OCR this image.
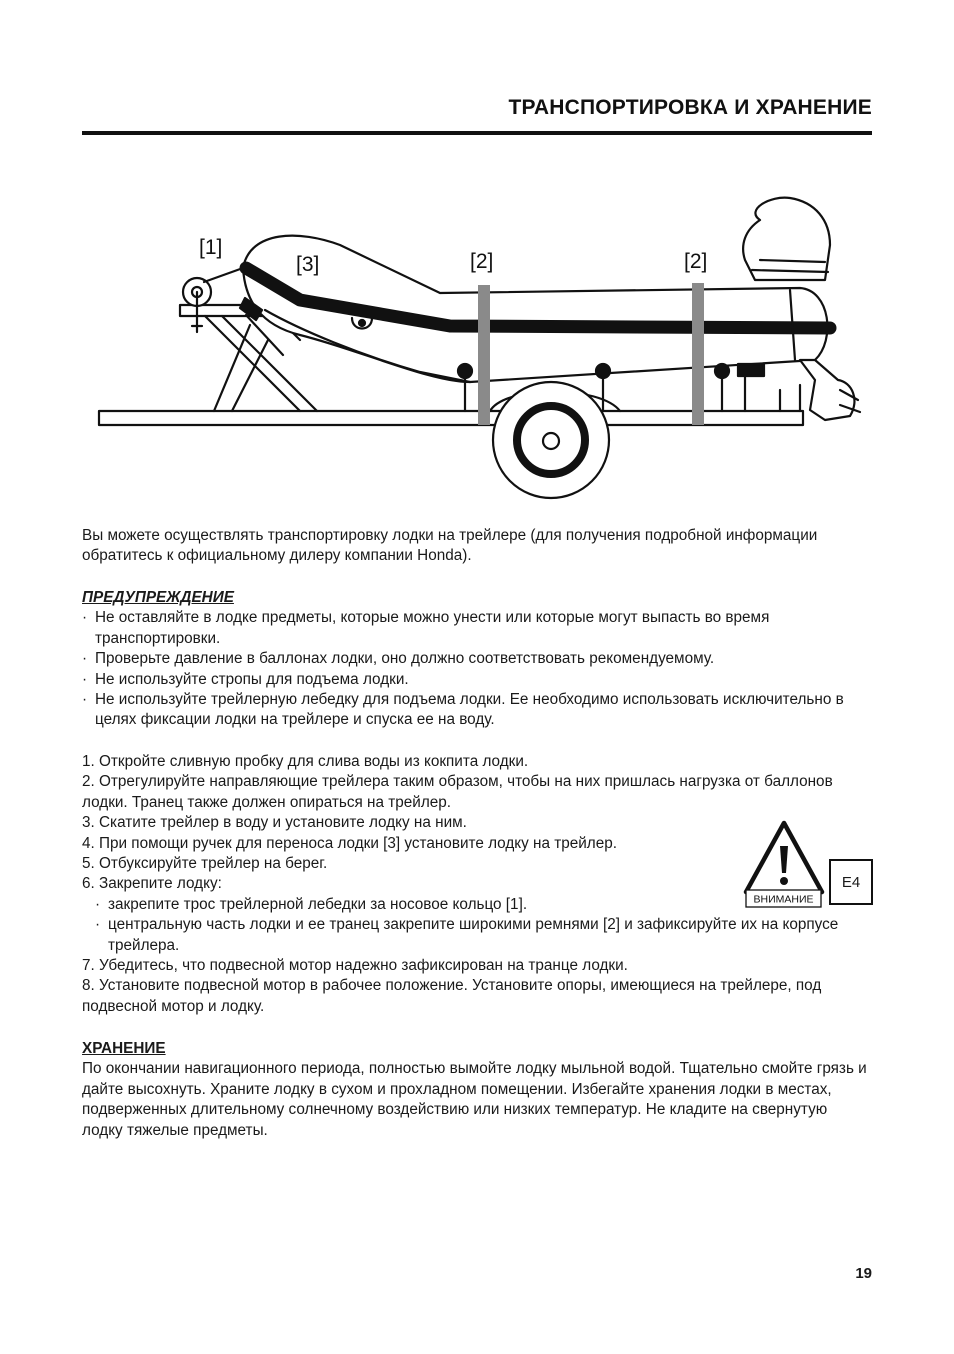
ТРАНСПОРТИРОВКА И ХРАНЕНИЕ
[1]
[3]	[2]	[2]

Вы можете осуществлять транспортировку лодки на трейлере (для получения подробной информации обратитесь к официальному дилеру компании Honda).

ПРЕДУПРЕЖДЕНИЕ

· Не оставляйте в лодке предметы, которые можно унести или которые могут выпасть во время транспортировки.
· Проверьте давление в баллонах лодки, оно должно соответствовать рекомендуемому.
· Не используйте стропы для подъема лодки.
· Не используйте трейлерную лебедку для подъема лодки. Ее необходимо использовать исключительно в целях фиксации лодки на трейлере и спуска ее на воду.

1. Откройте сливную пробку для слива воды из кокпита лодки.

2. Отрегулируйте направляющие трейлера таким образом, чтобы на них пришлась нагрузка от баллонов лодки. Транец также должен опираться на трейлер.

3. Скатите трейлер в воду и установите лодку на ним.

4. При помощи ручек для переноса лодки [3] установите лодку на трейлер.

5. Отбуксируйте трейлер на берег.

6. Закрепите лодку:

· закрепите трос трейлерной лебедки за носовое кольцо [1].
· центральную часть лодки и ее транец закрепите широкими ремнями [2] и зафиксируйте их на корпусе трейлера.

7. Убедитесь, что подвесной мотор надежно зафиксирован на транце лодки.

8. Установите подвесной мотор в рабочее положение. Установите опоры, имеющиеся на трейлере, под подвесной мотор и лодку.

ВНИМАНИЕ
E4

ХРАНЕНИЕ

По окончании навигационного периода, полностью вымойте лодку мыльной водой. Тщательно смойте грязь и дайте высохнуть. Храните лодку в сухом и прохладном помещении. Избегайте хранения лодки в местах, подверженных длительному солнечному воздействию или низких температур. Не кладите на свернутую лодку тяжелые предметы.

19
